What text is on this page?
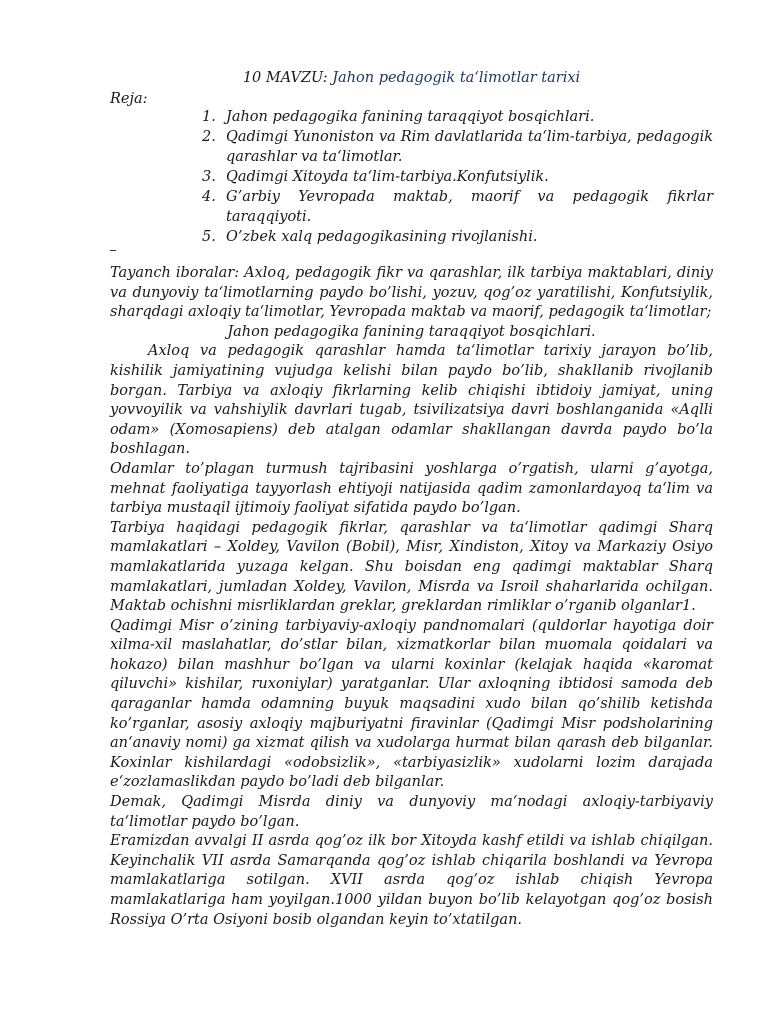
10 MAVZU: Jahon pedagogik ta‘limotlar tarixi
Reja:
1. Jahon pedagogika fanining taraqqiyot bosqichlari.
2. Qadimgi Yunoniston va Rim davlatlarida ta‘lim-tarbiya, pedagogik qarashlar va ta‘limotlar.
3. Qadimgi Xitoyda ta‘lim-tarbiya.Konfutsiylik.
4. G’arbiy Yevropada maktab, maorif va pedagogik fikrlar taraqqiyoti.
5. O’zbek xalq pedagogikasining rivojlanishi.

Tayanch iboralar: Axloq, pedagogik fikr va qarashlar, ilk tarbiya maktablari, diniy va dunyoviy ta‘limotlarning paydo bo’lishi, yozuv, qog’oz yaratilishi, Konfutsiylik, sharqdagi axloqiy ta‘limotlar, Yevropada maktab va maorif, pedagogik ta‘limotlar;

Jahon pedagogika fanining taraqqiyot bosqichlari.

Axloq va pedagogik qarashlar hamda ta‘limotlar tarixiy jarayon bo’lib, kishilik jamiyatining vujudga kelishi bilan paydo bo’lib, shakllanib rivojlanib borgan. Tarbiya va axloqiy fikrlarning kelib chiqishi ibtidoiy jamiyat, uning yovvoyilik va vahshiylik davrlari tugab, tsivilizatsiya davri boshlanganida «Aqlli odam» (Xomosapiens) deb atalgan odamlar shakllangan davrda paydo bo’la boshlagan.

Odamlar to’plagan turmush tajribasini yoshlarga o’rgatish, ularni g’ayotga, mehnat faoliyatiga tayyorlash ehtiyoji natijasida qadim zamonlardayoq ta‘lim va tarbiya mustaqil ijtimoiy faoliyat sifatida paydo bo’lgan.

Tarbiya haqidagi pedagogik fikrlar, qarashlar va ta‘limotlar qadimgi Sharq mamlakatlari – Xoldey, Vavilon (Bobil), Misr, Xindiston, Xitoy va Markaziy Osiyo mamlakatlarida yuzaga kelgan. Shu boisdan eng qadimgi maktablar Sharq mamlakatlari, jumladan Xoldey, Vavilon, Misrda va Isroil shaharlarida ochilgan. Maktab ochishni misrliklardan greklar, greklardan rimliklar o’rganib olganlar1.

Qadimgi Misr o’zining tarbiyaviy-axloqiy pandnomalari (quldorlar hayotiga doir xilma-xil maslahatlar, do’stlar bilan, xizmatkorlar bilan muomala qoidalari va hokazo) bilan mashhur bo’lgan va ularni koxinlar (kelajak haqida «karomat qiluvchi» kishilar, ruxoniylar) yaratganlar. Ular axloqning ibtidosi samoda deb qaraganlar hamda odamning buyuk maqsadini xudo bilan qo’shilib ketishda ko’rganlar, asosiy axloqiy majburiyatni firavinlar (Qadimgi Misr podsholarining an‘anaviy nomi) ga xizmat qilish va xudolarga hurmat bilan qarash deb bilganlar. Koxinlar kishilardagi «odobsizlik», «tarbiyasizlik» xudolarni lozim darajada e‘zozlamaslikdan paydo bo’ladi deb bilganlar.

Demak, Qadimgi Misrda diniy va dunyoviy ma‘nodagi axloqiy-tarbiyaviy ta‘limotlar paydo bo’lgan.

Eramizdan avvalgi II asrda qog’oz ilk bor Xitoyda kashf etildi va ishlab chiqilgan. Keyinchalik VII asrda Samarqanda qog’oz ishlab chiqarila boshlandi va Yevropa mamlakatlariga sotilgan. XVII asrda qog’oz ishlab chiqish Yevropa mamlakatlariga ham yoyilgan.1000 yildan buyon bo’lib kelayotgan qog’oz bosish Rossiya O’rta Osiyoni bosib olgandan keyin to’xtatilgan.
